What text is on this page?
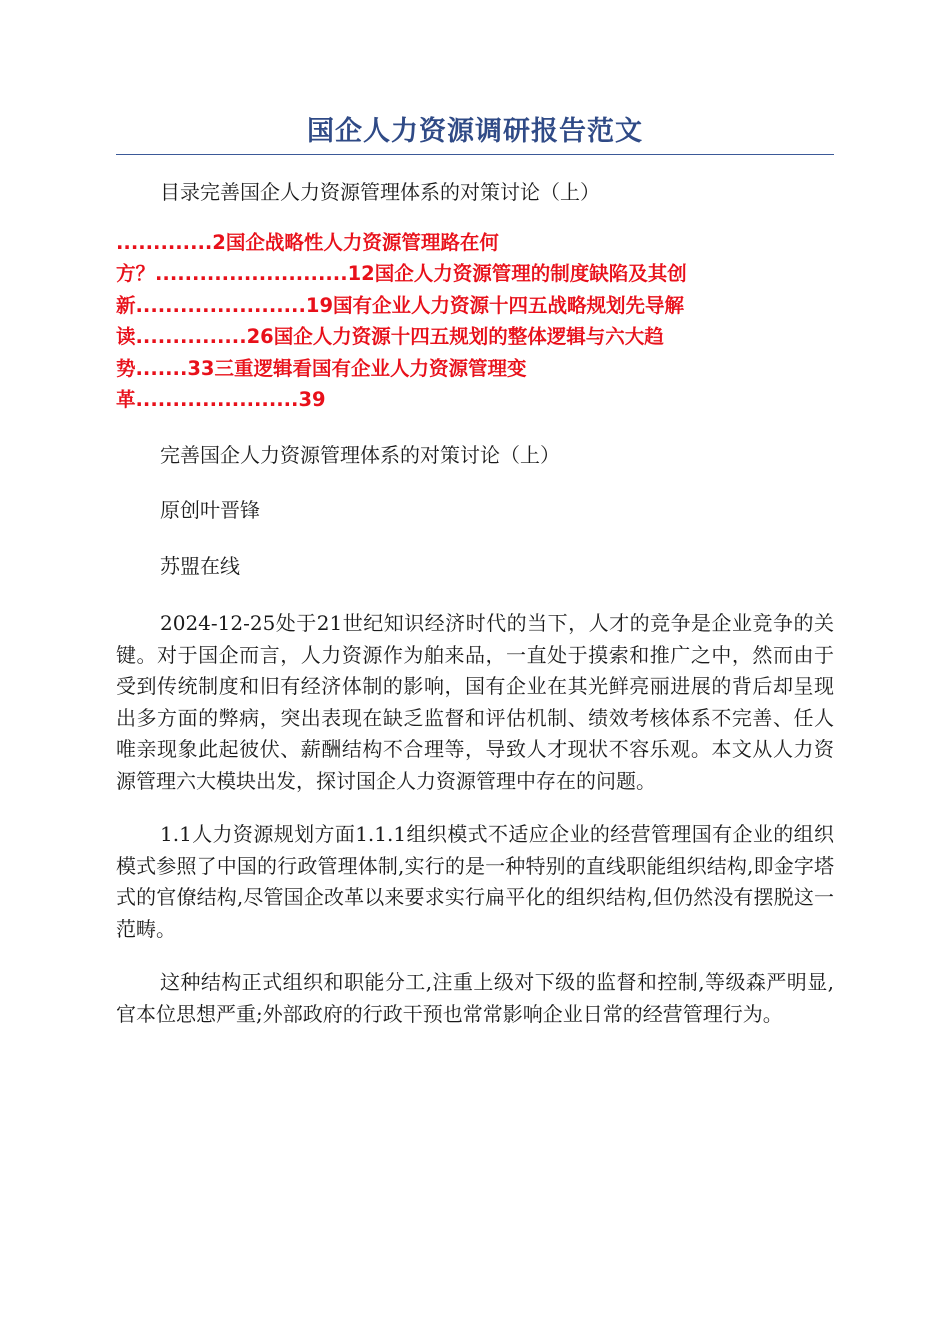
国企人力资源调研报告范文

目录完善国企人力资源管理体系的对策讨论（上）

.............2国企战略性人力资源管理路在何
方？..........................12国企人力资源管理的制度缺陷及其创
新.......................19国有企业人力资源十四五战略规划先导解
读...............26国企人力资源十四五规划的整体逻辑与六大趋
势.......33三重逻辑看国有企业人力资源管理变
革......................39

完善国企人力资源管理体系的对策讨论（上）

原创叶晋锋

苏盟在线

2024-12-25处于21世纪知识经济时代的当下，人才的竞争是企业竞争的关键。对于国企而言，人力资源作为舶来品，一直处于摸索和推广之中，然而由于受到传统制度和旧有经济体制的影响，国有企业在其光鲜亮丽进展的背后却呈现出多方面的弊病，突出表现在缺乏监督和评估机制、绩效考核体系不完善、任人唯亲现象此起彼伏、薪酬结构不合理等，导致人才现状不容乐观。本文从人力资源管理六大模块出发，探讨国企人力资源管理中存在的问题。

1.1人力资源规划方面1.1.1组织模式不适应企业的经营管理国有企业的组织模式参照了中国的行政管理体制,实行的是一种特别的直线职能组织结构,即金字塔式的官僚结构,尽管国企改革以来要求实行扁平化的组织结构,但仍然没有摆脱这一范畴。

这种结构正式组织和职能分工,注重上级对下级的监督和控制,等级森严明显,官本位思想严重;外部政府的行政干预也常常影响企业日常的经营管理行为。
